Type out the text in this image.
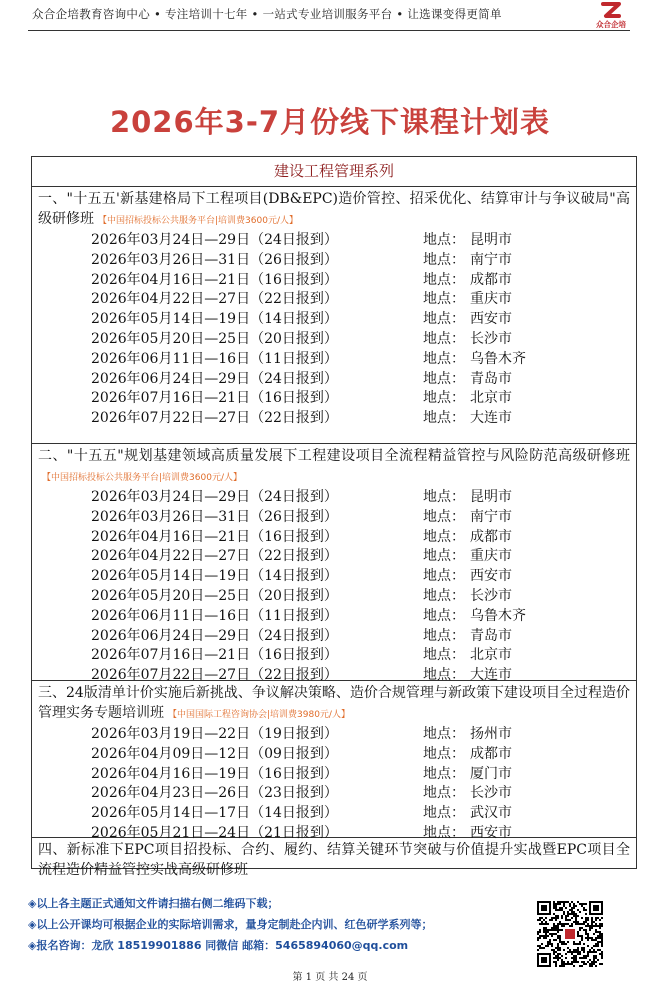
众合企培教育咨询中心 • 专注培训十七年 • 一站式专业培训服务平台 • 让选课变得更简单
众合企培
2026年3-7月份线下课程计划表
建设工程管理系列
一、"十五五'新基建格局下工程项目(DB&EPC)造价管控、招采优化、结算审计与争议破局"高级研修班 【中国招标投标公共服务平台|培训费3600元/人】
2026年03月24日—29日（24日报到）	地点： 昆明市
2026年03月26日—31日（26日报到）	地点： 南宁市
2026年04月16日—21日（16日报到）	地点： 成都市
2026年04月22日—27日（22日报到）	地点： 重庆市
2026年05月14日—19日（14日报到）	地点： 西安市
2026年05月20日—25日（20日报到）	地点： 长沙市
2026年06月11日—16日（11日报到）	地点： 乌鲁木齐
2026年06月24日—29日（24日报到）	地点： 青岛市
2026年07月16日—21日（16日报到）	地点： 北京市
2026年07月22日—27日（22日报到）	地点： 大连市
二、"十五五"规划基建领域高质量发展下工程建设项目全流程精益管控与风险防范高级研修班【中国招标投标公共服务平台|培训费3600元/人】
2026年03月24日—29日（24日报到）	地点： 昆明市
2026年03月26日—31日（26日报到）	地点： 南宁市
2026年04月16日—21日（16日报到）	地点： 成都市
2026年04月22日—27日（22日报到）	地点： 重庆市
2026年05月14日—19日（14日报到）	地点： 西安市
2026年05月20日—25日（20日报到）	地点： 长沙市
2026年06月11日—16日（11日报到）	地点： 乌鲁木齐
2026年06月24日—29日（24日报到）	地点： 青岛市
2026年07月16日—21日（16日报到）	地点： 北京市
2026年07月22日—27日（22日报到）	地点： 大连市
三、24版清单计价实施后新挑战、争议解决策略、造价合规管理与新政策下建设项目全过程造价管理实务专题培训班 【中国国际工程咨询协会|培训费3980元/人】
2026年03月19日—22日（19日报到）	地点： 扬州市
2026年04月09日—12日（09日报到）	地点： 成都市
2026年04月16日—19日（16日报到）	地点： 厦门市
2026年04月23日—26日（23日报到）	地点： 长沙市
2026年05月14日—17日（14日报到）	地点： 武汉市
2026年05月21日—24日（21日报到）	地点： 西安市
四、新标准下EPC项目招投标、合约、履约、结算关键环节突破与价值提升实战暨EPC项目全流程造价精益管控实战高级研修班
◈以上各主题正式通知文件请扫描右侧二维码下载；
◈以上公开课均可根据企业的实际培训需求，量身定制赴企内训、红色研学系列等；
◈报名咨询：龙欣 18519901886 同微信 邮箱：5465894060@qq.com
第 1 页 共 24 页
